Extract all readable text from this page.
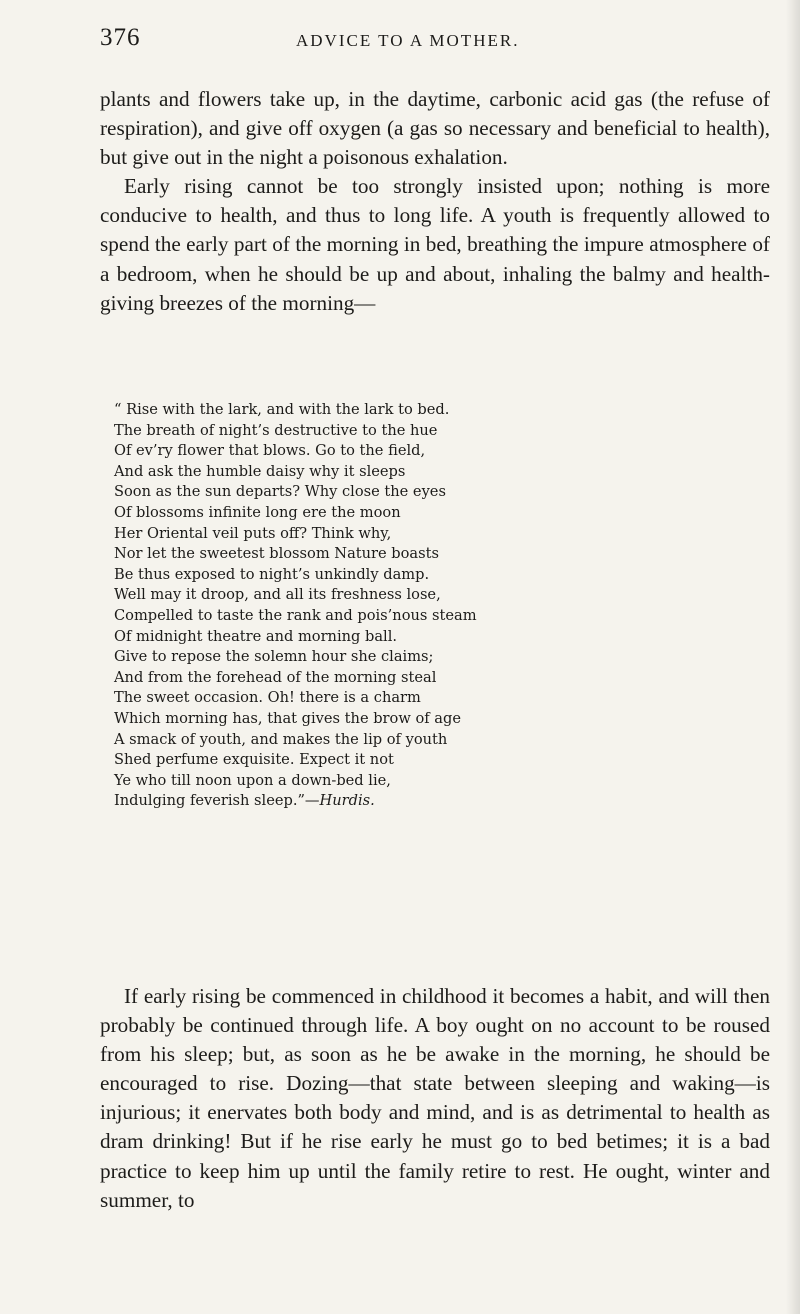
376	ADVICE TO A MOTHER.

plants and flowers take up, in the daytime, carbonic acid gas (the refuse of respiration), and give off oxygen (a gas so necessary and beneficial to health), but give out in the night a poisonous exhalation.

Early rising cannot be too strongly insisted upon; nothing is more conducive to health, and thus to long life. A youth is frequently allowed to spend the early part of the morning in bed, breathing the impure atmosphere of a bedroom, when he should be up and about, inhaling the balmy and health-giving breezes of the morning—

“ Rise with the lark, and with the lark to bed.
The breath of night’s destructive to the hue
Of ev’ry flower that blows. Go to the field,
And ask the humble daisy why it sleeps
Soon as the sun departs? Why close the eyes
Of blossoms infinite long ere the moon
Her Oriental veil puts off? Think why,
Nor let the sweetest blossom Nature boasts
Be thus exposed to night’s unkindly damp.
Well may it droop, and all its freshness lose,
Compelled to taste the rank and pois’nous steam
Of midnight theatre and morning ball.
Give to repose the solemn hour she claims;
And from the forehead of the morning steal
The sweet occasion. Oh! there is a charm
Which morning has, that gives the brow of age
A smack of youth, and makes the lip of youth
Shed perfume exquisite. Expect it not
Ye who till noon upon a down-bed lie,
Indulging feverish sleep.”—Hurdis.

If early rising be commenced in childhood it becomes a habit, and will then probably be continued through life. A boy ought on no account to be roused from his sleep; but, as soon as he be awake in the morning, he should be encouraged to rise. Dozing—that state between sleeping and waking—is injurious; it enervates both body and mind, and is as detrimental to health as dram drinking! But if he rise early he must go to bed betimes; it is a bad practice to keep him up until the family retire to rest. He ought, winter and summer, to
